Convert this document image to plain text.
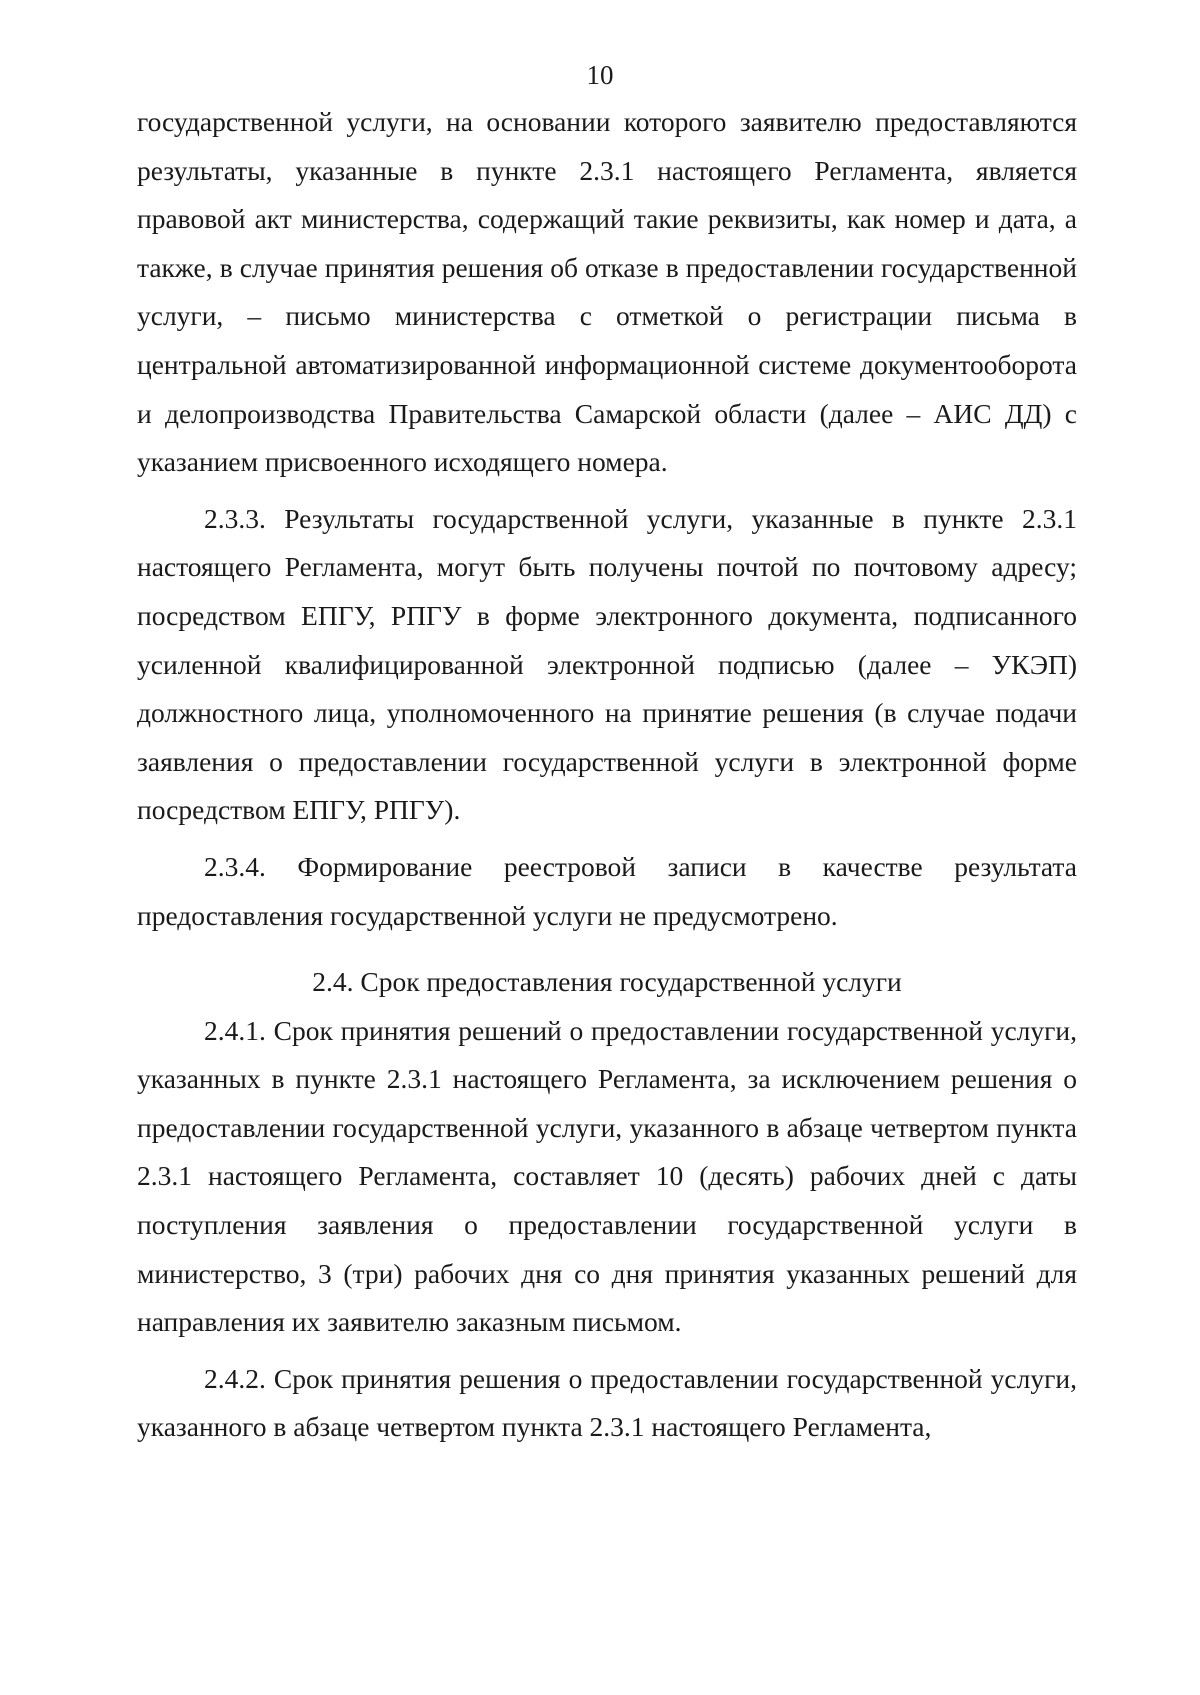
10

государственной услуги, на основании которого заявителю предоставляются результаты, указанные в пункте 2.3.1 настоящего Регламента, является правовой акт министерства, содержащий такие реквизиты, как номер и дата, а также, в случае принятия решения об отказе в предоставлении государственной услуги, – письмо министерства с отметкой о регистрации письма в центральной автоматизированной информационной системе документооборота и делопроизводства Правительства Самарской области (далее – АИС ДД) с указанием присвоенного исходящего номера.

2.3.3. Результаты государственной услуги, указанные в пункте 2.3.1 настоящего Регламента, могут быть получены почтой по почтовому адресу; посредством ЕПГУ, РПГУ в форме электронного документа, подписанного усиленной квалифицированной электронной подписью (далее – УКЭП) должностного лица, уполномоченного на принятие решения (в случае подачи заявления о предоставлении государственной услуги в электронной форме посредством ЕПГУ, РПГУ).

2.3.4. Формирование реестровой записи в качестве результата предоставления государственной услуги не предусмотрено.

2.4. Срок предоставления государственной услуги

2.4.1. Срок принятия решений о предоставлении государственной услуги, указанных в пункте 2.3.1 настоящего Регламента, за исключением решения о предоставлении государственной услуги, указанного в абзаце четвертом пункта 2.3.1 настоящего Регламента, составляет 10 (десять) рабочих дней с даты поступления заявления о предоставлении государственной услуги в министерство, 3 (три) рабочих дня со дня принятия указанных решений для направления их заявителю заказным письмом.

2.4.2. Срок принятия решения о предоставлении государственной услуги, указанного в абзаце четвертом пункта 2.3.1 настоящего Регламента,
